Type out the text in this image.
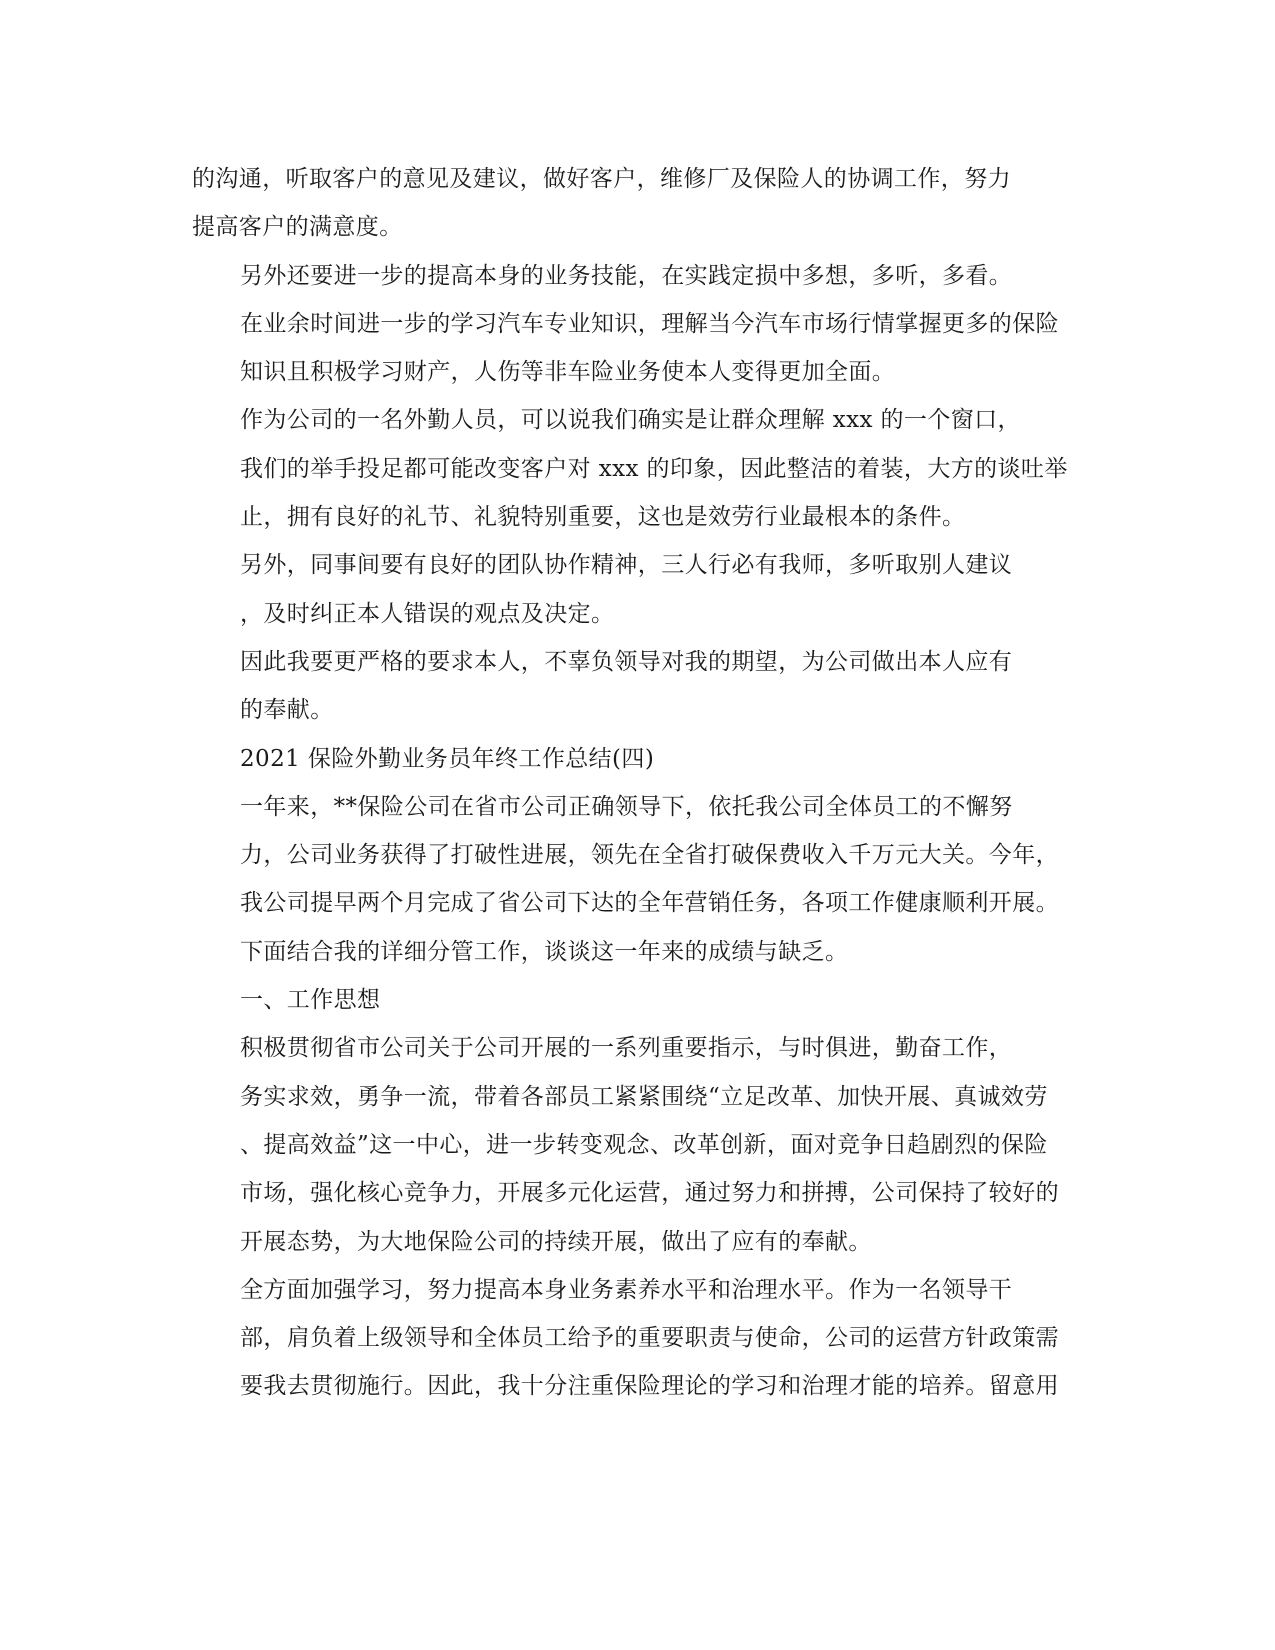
的沟通，听取客户的意见及建议，做好客户，维修厂及保险人的协调工作，努力
提高客户的满意度。

另外还要进一步的提高本身的业务技能，在实践定损中多想，多听，多看。
在业余时间进一步的学习汽车专业知识，理解当今汽车市场行情掌握更多的保险
知识且积极学习财产，人伤等非车险业务使本人变得更加全面。

作为公司的一名外勤人员，可以说我们确实是让群众理解 xxx 的一个窗口，
我们的举手投足都可能改变客户对 xxx 的印象，因此整洁的着装，大方的谈吐举
止，拥有良好的礼节、礼貌特别重要，这也是效劳行业最根本的条件。

另外，同事间要有良好的团队协作精神，三人行必有我师，多听取别人建议
，及时纠正本人错误的观点及决定。

因此我要更严格的要求本人，不辜负领导对我的期望，为公司做出本人应有
的奉献。

2021 保险外勤业务员年终工作总结(四)

一年来，**保险公司在省市公司正确领导下，依托我公司全体员工的不懈努
力，公司业务获得了打破性进展，领先在全省打破保费收入千万元大关。今年，
我公司提早两个月完成了省公司下达的全年营销任务，各项工作健康顺利开展。
下面结合我的详细分管工作，谈谈这一年来的成绩与缺乏。

一、工作思想

积极贯彻省市公司关于公司开展的一系列重要指示，与时俱进，勤奋工作，
务实求效，勇争一流，带着各部员工紧紧围绕“立足改革、加快开展、真诚效劳
、提高效益”这一中心，进一步转变观念、改革创新，面对竞争日趋剧烈的保险
市场，强化核心竞争力，开展多元化运营，通过努力和拼搏，公司保持了较好的
开展态势，为大地保险公司的持续开展，做出了应有的奉献。

全方面加强学习，努力提高本身业务素养水平和治理水平。作为一名领导干
部，肩负着上级领导和全体员工给予的重要职责与使命，公司的运营方针政策需
要我去贯彻施行。因此，我十分注重保险理论的学习和治理才能的培养。留意用
